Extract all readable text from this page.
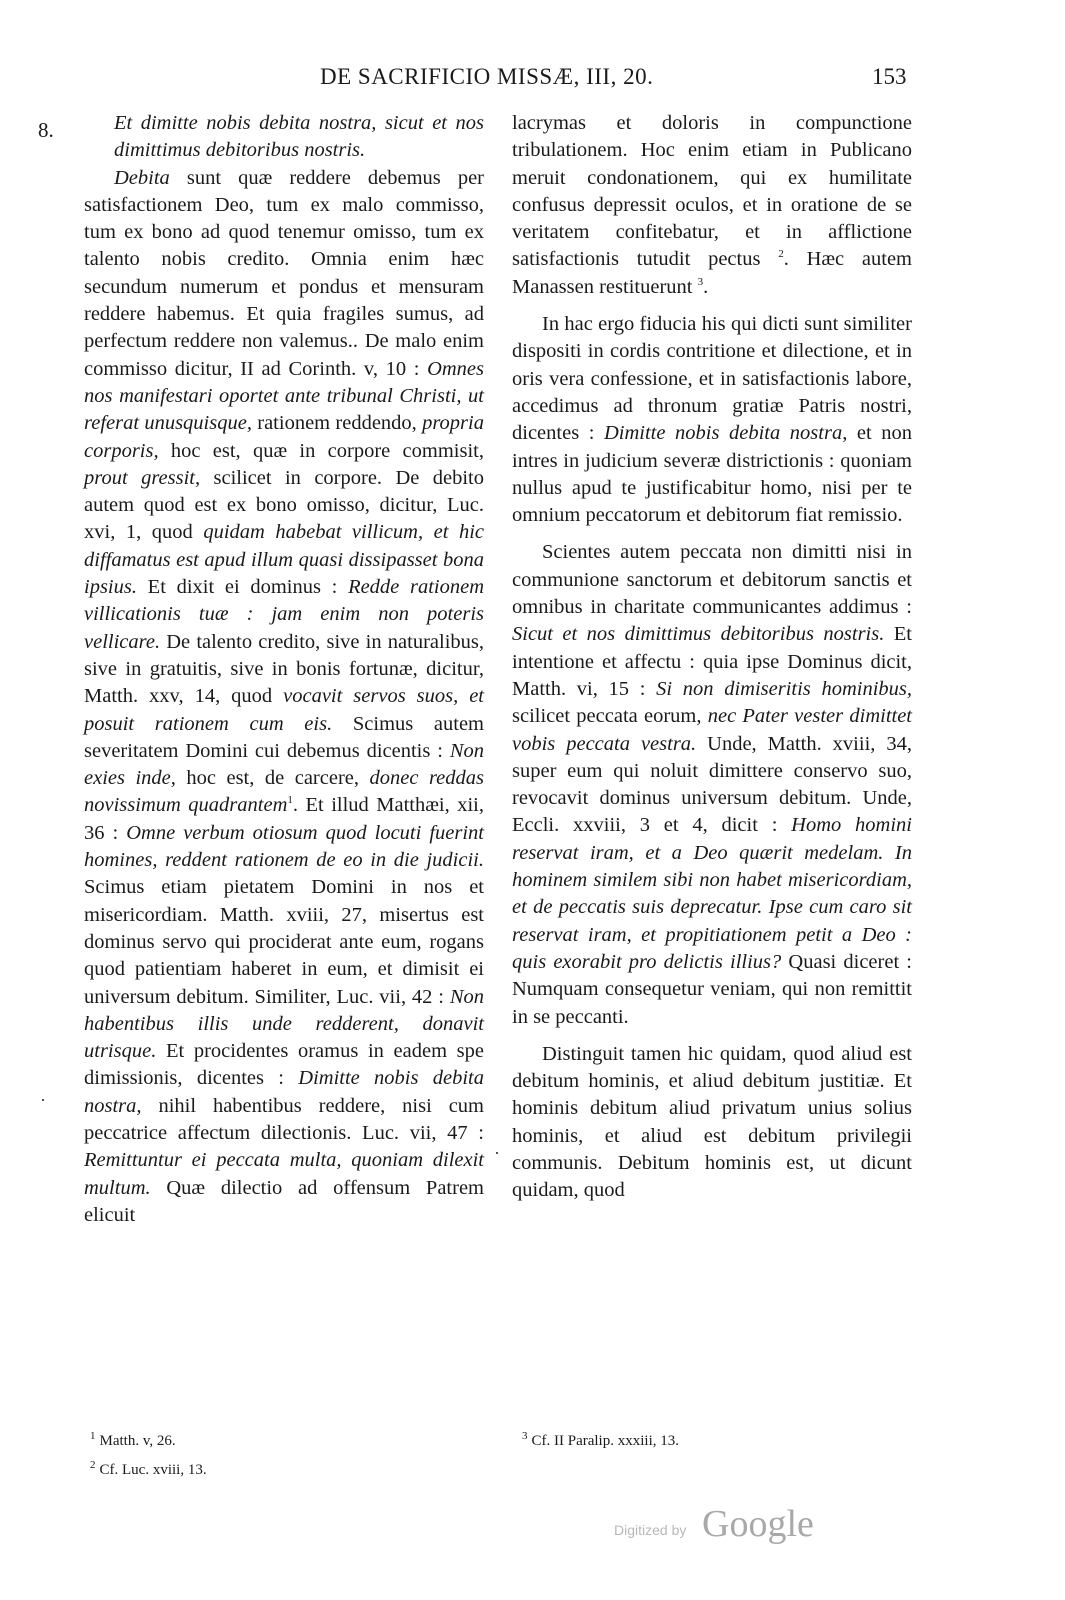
DE SACRIFICIO MISSÆ, III, 20.	153
8.	Et dimitte nobis debita nostra, sicut et nos dimittimus debitoribus nostris.

Debita sunt quæ reddere debemus per satisfactionem Deo, tum ex malo commisso, tum ex bono ad quod tenemur omisso, tum ex talento nobis credito. Omnia enim hæc secundum numerum et pondus et mensuram reddere habemus. Et quia fragiles sumus, ad perfectum reddere non valemus.. De malo enim commisso dicitur, II ad Corinth. v, 10 : Omnes nos manifestari oportet ante tribunal Christi, ut referat unusquisque, rationem reddendo, propria corporis, hoc est, quæ in corpore commisit, prout gressit, scilicet in corpore. De debito autem quod est ex bono omisso, dicitur, Luc. xvi, 1, quod quidam habebat villicum, et hic diffamatus est apud illum quasi dissipasset bona ipsius. Et dixit ei dominus : Redde rationem villicationis tuæ : jam enim non poteris vellicare. De talento credito, sive in naturalibus, sive in gratuitis, sive in bonis fortunæ, dicitur, Matth. xxv, 14, quod vocavit servos suos, et posuit rationem cum eis. Scimus autem severitatem Domini cui debemus dicentis : Non exies inde, hoc est, de carcere, donec reddas novissimum quadrantem$^1$. Et illud Matthæi, xii, 36 : Omne verbum otiosum quod locuti fuerint homines, reddent rationem de eo in die judicii. Scimus etiam pietatem Domini in nos et misericordiam. Matth. xviii, 27, misertus est dominus servo qui prociderat ante eum, rogans quod patientiam haberet in eum, et dimisit ei universum debitum. Similiter, Luc. vii, 42 : Non habentibus illis unde redderent, donavit utrisque. Et procidentes oramus in eadem spe dimissionis, dicentes : Dimitte nobis debita nostra, nihil habentibus reddere, nisi cum peccatrice affectum dilectionis. Luc. vii, 47 : Remittuntur ei peccata multa, quoniam dilexit multum. Quæ dilectio ad offensum Patrem elicuit

lacrymas et doloris in compunctione tribulationem. Hoc enim etiam in Publicano meruit condonationem, qui ex humilitate confusus depressit oculos, et in oratione de se veritatem confitebatur, et in afflictione satisfactionis tutudit pectus $^2$. Hæc autem Manassen restituerunt $^3$.

In hac ergo fiducia his qui dicti sunt similiter dispositi in cordis contritione et dilectione, et in oris vera confessione, et in satisfactionis labore, accedimus ad thronum gratiæ Patris nostri, dicentes : Dimitte nobis debita nostra, et non intres in judicium severæ districtionis : quoniam nullus apud te justificabitur homo, nisi per te omnium peccatorum et debitorum fiat remissio.

Scientes autem peccata non dimitti nisi in communione sanctorum et debitorum sanctis et omnibus in charitate communicantes addimus : Sicut et nos dimittimus debitoribus nostris. Et intentione et affectu : quia ipse Dominus dicit, Matth. vi, 15 : Si non dimiseritis hominibus, scilicet peccata eorum, nec Pater vester dimittet vobis peccata vestra. Unde, Matth. xviii, 34, super eum qui noluit dimittere conservo suo, revocavit dominus universum debitum. Unde, Eccli. xxviii, 3 et 4, dicit : Homo homini reservat iram, et a Deo quærit medelam. In hominem similem sibi non habet misericordiam, et de peccatis suis deprecatur. Ipse cum caro sit reservat iram, et propitiationem petit a Deo : quis exorabit pro delictis illius? Quasi diceret : Numquam consequetur veniam, qui non remittit in se peccanti.

Distinguit tamen hic quidam, quod aliud est debitum hominis, et aliud debitum justitiæ. Et hominis debitum aliud privatum unius solius hominis, et aliud est debitum privilegii communis. Debitum hominis est, ut dicunt quidam, quod

·
·
$^1$ Matth. v, 26.
$^2$ Cf. Luc. xviii, 13.
$^3$ Cf. II Paralip. xxxiii, 13.
Digitized by Google
